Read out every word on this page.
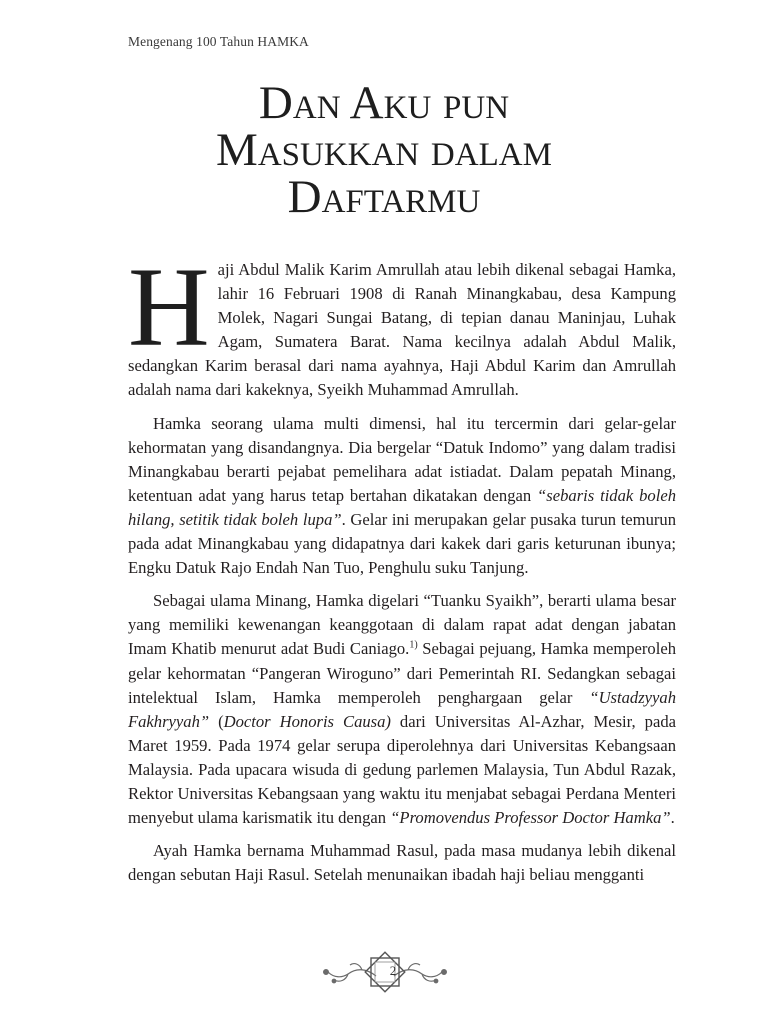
Mengenang 100 Tahun HAMKA
Dan Aku pun
Masukkan dalam
Daftarmu

Haji Abdul Malik Karim Amrullah atau lebih dikenal sebagai Hamka, lahir 16 Februari 1908 di Ranah Minangkabau, desa Kampung Molek, Nagari Sungai Batang, di tepian danau Maninjau, Luhak Agam, Sumatera Barat. Nama kecilnya adalah Abdul Malik, sedangkan Karim berasal dari nama ayahnya, Haji Abdul Karim dan Amrullah adalah nama dari kakeknya, Syeikh Muhammad Amrullah.

Hamka seorang ulama multi dimensi, hal itu tercermin dari gelar-gelar kehormatan yang disandangnya. Dia bergelar “Datuk Indomo” yang dalam tradisi Minangkabau berarti pejabat pemelihara adat istiadat. Dalam pepatah Minang, ketentuan adat yang harus tetap bertahan dikatakan dengan “sebaris tidak boleh hilang, setitik tidak boleh lupa”. Gelar ini merupakan gelar pusaka turun temurun pada adat Minangkabau yang didapatnya dari kakek dari garis keturunan ibunya; Engku Datuk Rajo Endah Nan Tuo, Penghulu suku Tanjung.

Sebagai ulama Minang, Hamka digelari “Tuanku Syaikh”, berarti ulama besar yang memiliki kewenangan keanggotaan di dalam rapat adat dengan jabatan Imam Khatib menurut adat Budi Caniago.$^{1)}$ Sebagai pejuang, Hamka memperoleh gelar kehormatan “Pangeran Wiroguno” dari Pemerintah RI. Sedangkan sebagai intelektual Islam, Hamka memperoleh penghargaan gelar “Ustadzyyah Fakhryyah” (Doctor Honoris Causa) dari Universitas Al-Azhar, Mesir, pada Maret 1959. Pada 1974 gelar serupa diperolehnya dari Universitas Kebangsaan Malaysia. Pada upacara wisuda di gedung parlemen Malaysia, Tun Abdul Razak, Rektor Universitas Kebangsaan yang waktu itu menjabat sebagai Perdana Menteri menyebut ulama karismatik itu dengan “Promovendus Professor Doctor Hamka”.

Ayah Hamka bernama Muhammad Rasul, pada masa mudanya lebih dikenal dengan sebutan Haji Rasul. Setelah menunaikan ibadah haji beliau mengganti

2
